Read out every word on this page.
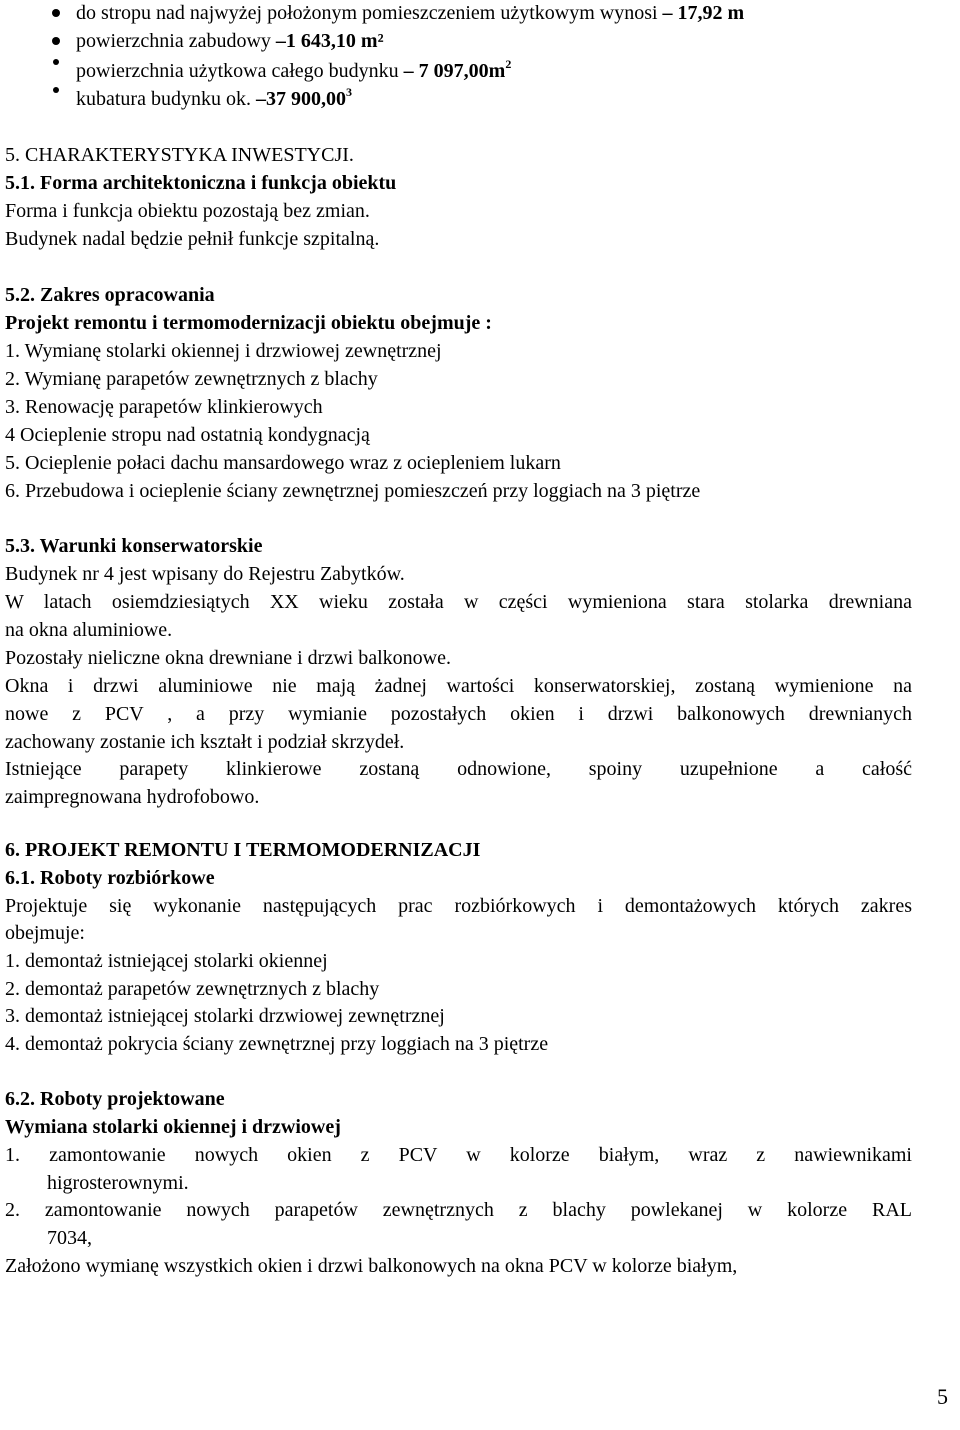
do stropu nad najwyżej położonym pomieszczeniem użytkowym wynosi – 17,92 m
powierzchnia zabudowy –1 643,10 m²
powierzchnia użytkowa całego budynku – 7 $097,00m^2$
kubatura budynku ok. –37 900,00$^3$
5. CHARAKTERYSTYKA INWESTYCJI.
5.1. Forma architektoniczna i funkcja obiektu
Forma i funkcja obiektu pozostają bez zmian.
Budynek nadal będzie pełnił funkcje szpitalną.
5.2. Zakres opracowania
Projekt remontu i termomodernizacji obiektu obejmuje :
1. Wymianę stolarki okiennej i drzwiowej zewnętrznej
2. Wymianę parapetów zewnętrznych z blachy
3. Renowację parapetów klinkierowych
4 Ocieplenie stropu nad ostatnią kondygnacją
5. Ocieplenie połaci dachu mansardowego wraz z ociepleniem lukarn
6. Przebudowa i ocieplenie ściany zewnętrznej pomieszczeń przy loggiach na 3 piętrze
5.3. Warunki konserwatorskie
Budynek nr 4 jest wpisany do Rejestru Zabytków.
W latach osiemdziesiątych XX wieku została w części wymieniona stara stolarka drewniana
na okna aluminiowe.
Pozostały nieliczne okna drewniane i drzwi balkonowe.
Okna i drzwi aluminiowe nie mają żadnej wartości konserwatorskiej, zostaną wymienione na
nowe z PCV , a przy wymianie pozostałych okien i drzwi balkonowych drewnianych
zachowany zostanie ich kształt i podział skrzydeł.
Istniejące parapety klinkierowe zostaną odnowione, spoiny uzupełnione a całość
zaimpregnowana hydrofobowo.
6. PROJEKT REMONTU I TERMOMODERNIZACJI
6.1. Roboty rozbiórkowe
Projektuje się wykonanie następujących prac rozbiórkowych i demontażowych których zakres
obejmuje:
1. demontaż istniejącej stolarki okiennej
2. demontaż parapetów zewnętrznych z blachy
3. demontaż istniejącej stolarki drzwiowej zewnętrznej
4. demontaż pokrycia ściany zewnętrznej przy loggiach na 3 piętrze
6.2. Roboty projektowane
Wymiana stolarki okiennej i drzwiowej
1. zamontowanie nowych okien z PCV w kolorze białym, wraz z nawiewnikami
higrosterownymi.
2. zamontowanie nowych parapetów zewnętrznych z blachy powlekanej w kolorze RAL
7034,
Założono wymianę wszystkich okien i drzwi balkonowych na okna PCV w kolorze białym,
5
